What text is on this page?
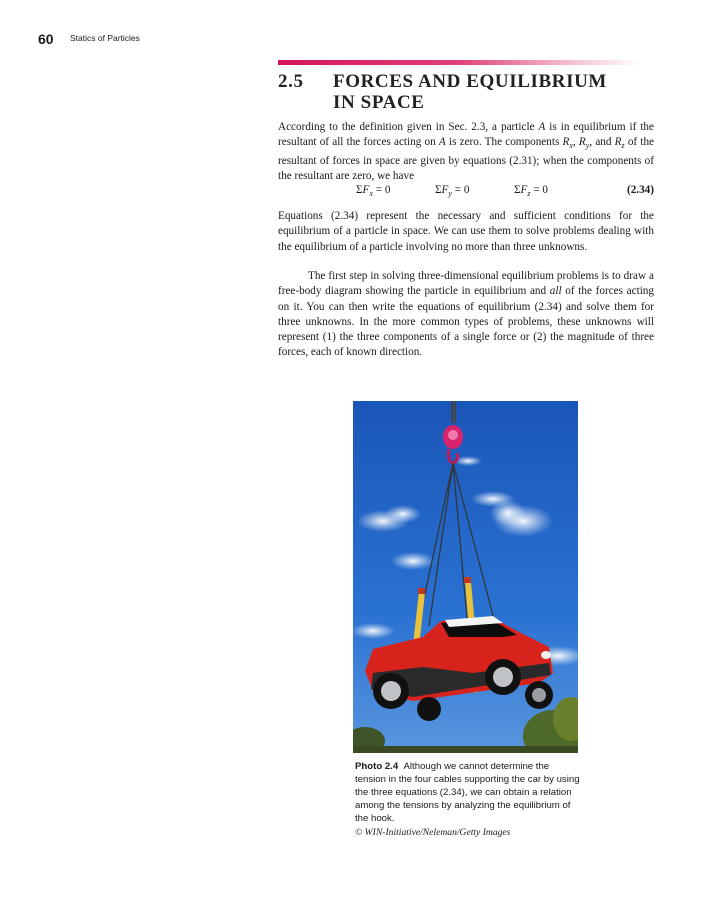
60 Statics of Particles
2.5 FORCES AND EQUILIBRIUM
IN SPACE
According to the definition given in Sec. 2.3, a particle A is in equilibrium if the resultant of all the forces acting on A is zero. The components $R_x$, $R_y$, and $R_z$ of the resultant of forces in space are given by equations (2.31); when the components of the resultant are zero, we have
$\Sigma F_x = 0$	$\Sigma F_y = 0$	$\Sigma F_z = 0$	(2.34)
Equations (2.34) represent the necessary and sufficient conditions for the equilibrium of a particle in space. We can use them to solve problems dealing with the equilibrium of a particle involving no more than three unknowns.
The first step in solving three-dimensional equilibrium problems is to draw a free-body diagram showing the particle in equilibrium and all of the forces acting on it. You can then write the equations of equilibrium (2.34) and solve them for three unknowns. In the more common types of problems, these unknowns will represent (1) the three components of a single force or (2) the magnitude of three forces, each of known direction.
Photo 2.4 Although we cannot determine the tension in the four cables supporting the car by using the three equations (2.34), we can obtain a relation among the tensions by analyzing the equilibrium of the hook.
© WIN-Initiative/Neleman/Getty Images
